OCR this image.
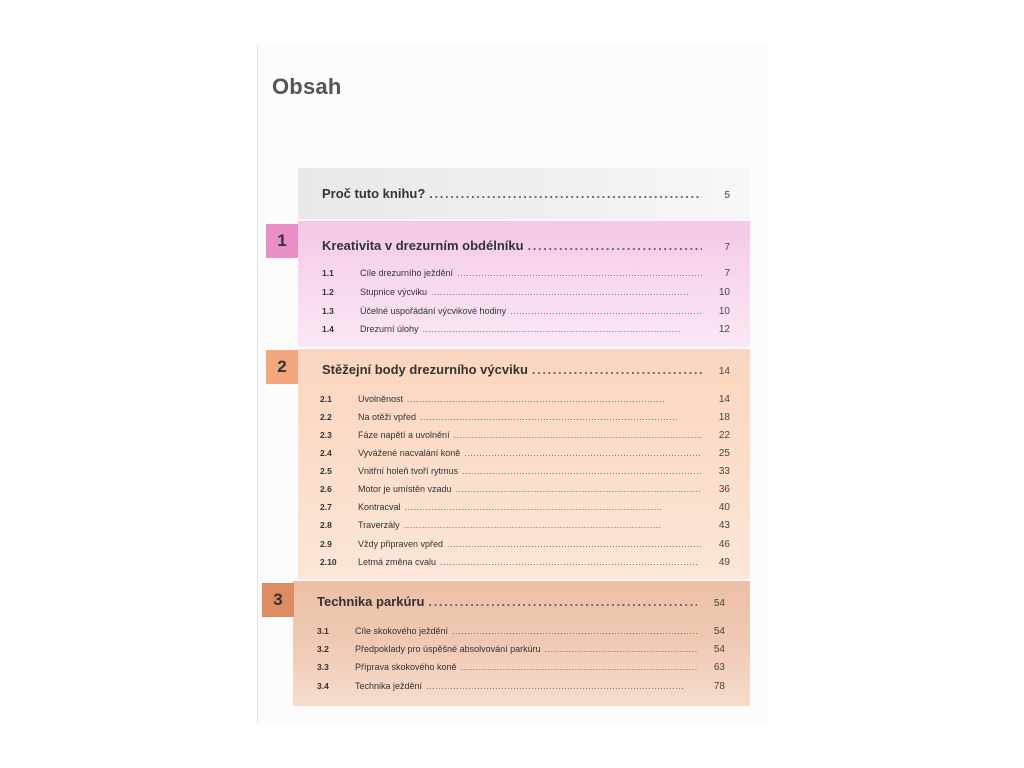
Obsah
1
2
3
Proč tuto knihu? . . .	5
Kreativita v drezurním obdélníku . . .	7
1.1	Cíle drezurního ježdění . . .	7
1.2	Stupnice výcviku . . .	10
1.3	Účelné uspořádání výcvikové hodiny . . .	10
1.4	Drezurní úlohy . . .	12
Stěžejní body drezurního výcviku . . .	14
2.1	Uvolněnost . . .	14
2.2	Na otěži vpřed . . .	18
2.3	Fáze napětí a uvolnění . . .	22
2.4	Vyvážené nacvalání koně . . .	25
2.5	Vnitřní holeň tvoří rytmus . . .	33
2.6	Motor je umístěn vzadu . . .	36
2.7	Kontracval . . .	40
2.8	Traverzály . . .	43
2.9	Vždy připraven vpřed . . .	46
2.10	Letmá změna cvalu . . .	49
Technika parkúru . . .	54
3.1	Cíle skokového ježdění . . .	54
3.2	Předpoklady pro úspěšné absolvování parkúru . . .	54
3.3	Příprava skokového koně . . .	63
3.4	Technika ježdění . . .	78
